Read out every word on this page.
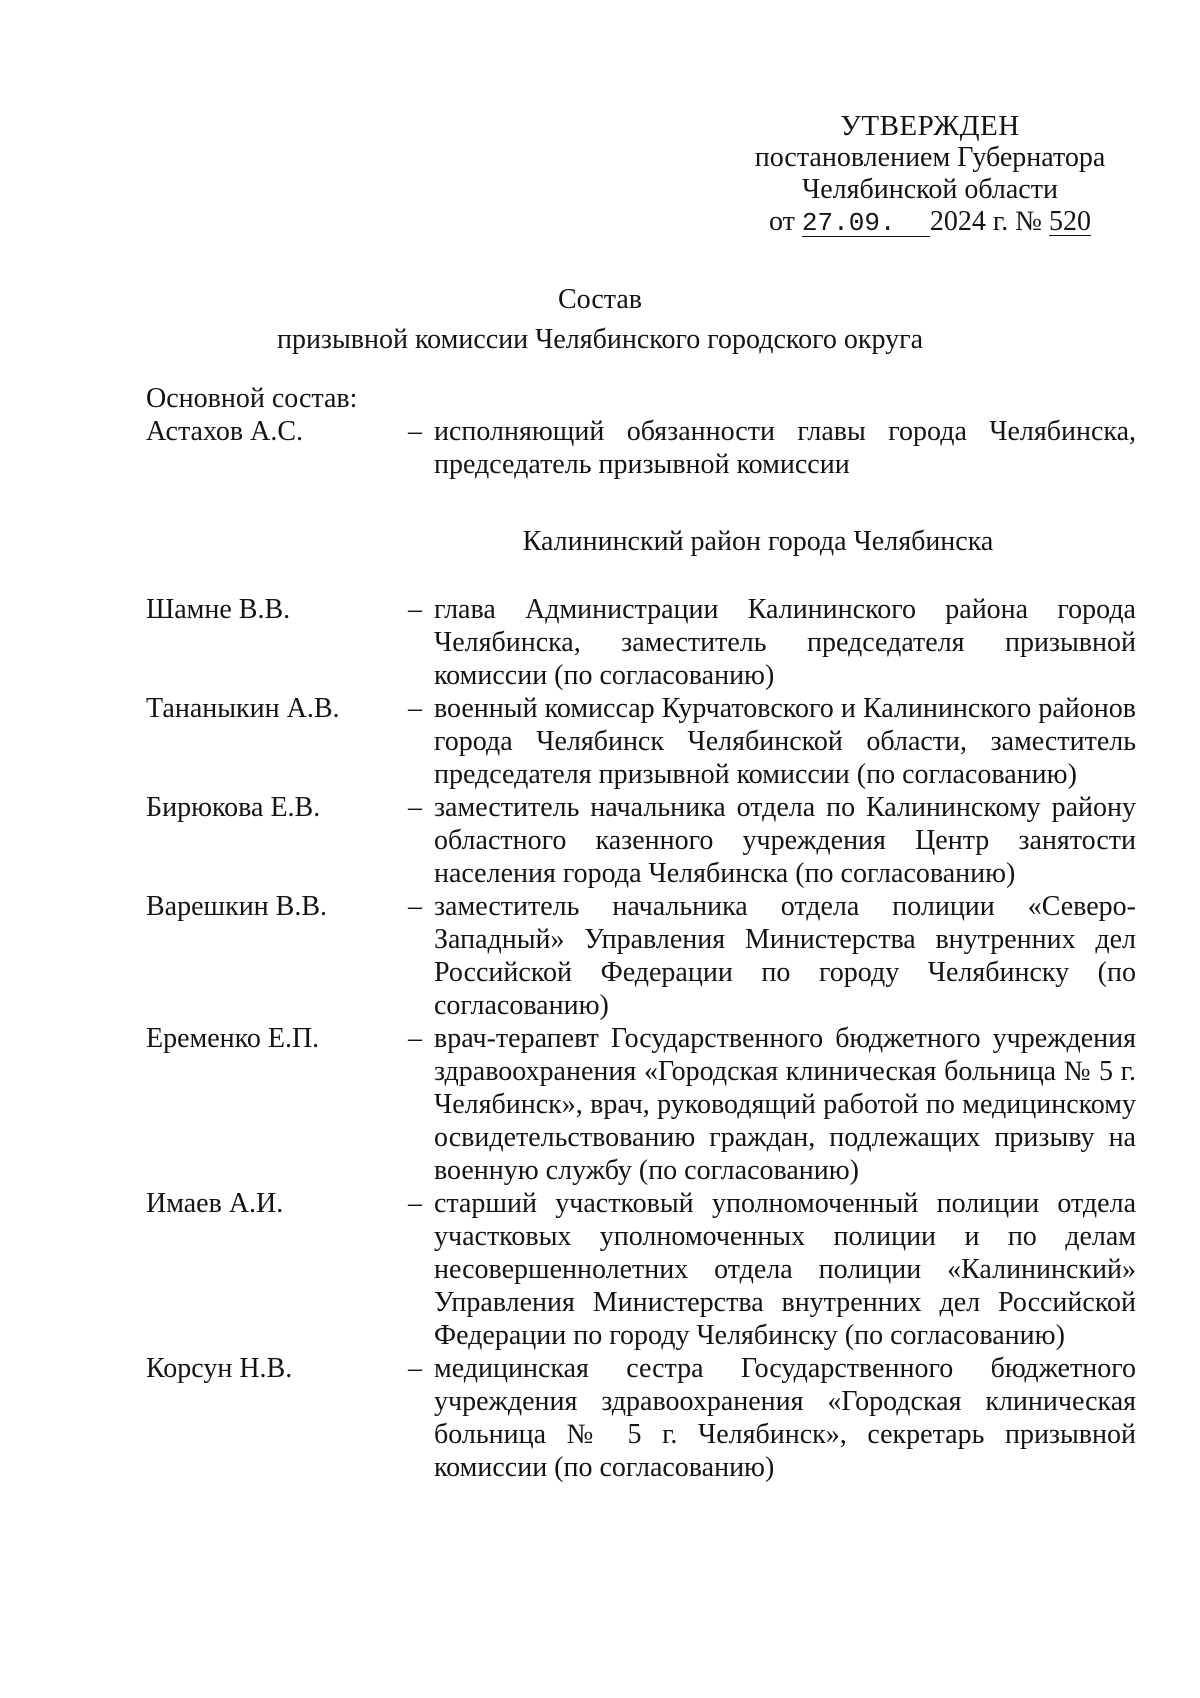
УТВЕРЖДЕН
постановлением Губернатора
Челябинской области
от 27.09. 2024 г. № 520
Состав
призывной комиссии Челябинского городского округа
Основной состав:
Астахов А.С.	– исполняющий обязанности главы города Челябинска, председатель призывной комиссии
Калининский район города Челябинска
Шамне В.В.	– глава Администрации Калининского района города Челябинска, заместитель председателя призывной комиссии (по согласованию)
Тананыкин А.В.	– военный комиссар Курчатовского и Калининского районов города Челябинск Челябинской области, заместитель председателя призывной комиссии (по согласованию)
Бирюкова Е.В.	– заместитель начальника отдела по Калининскому району областного казенного учреждения Центр занятости населения города Челябинска (по согласованию)
Варешкин В.В.	– заместитель начальника отдела полиции «Северо-Западный» Управления Министерства внутренних дел Российской Федерации по городу Челябинску (по согласованию)
Еременко Е.П.	– врач-терапевт Государственного бюджетного учреждения здравоохранения «Городская клиническая больница № 5 г. Челябинск», врач, руководящий работой по медицинскому освидетельствованию граждан, подлежащих призыву на военную службу (по согласованию)
Имаев А.И.	– старший участковый уполномоченный полиции отдела участковых уполномоченных полиции и по делам несовершеннолетних отдела полиции «Калининский» Управления Министерства внутренних дел Российской Федерации по городу Челябинску (по согласованию)
Корсун Н.В.	– медицинская сестра Государственного бюджетного учреждения здравоохранения «Городская клиническая больница № 5 г. Челябинск», секретарь призывной комиссии (по согласованию)
